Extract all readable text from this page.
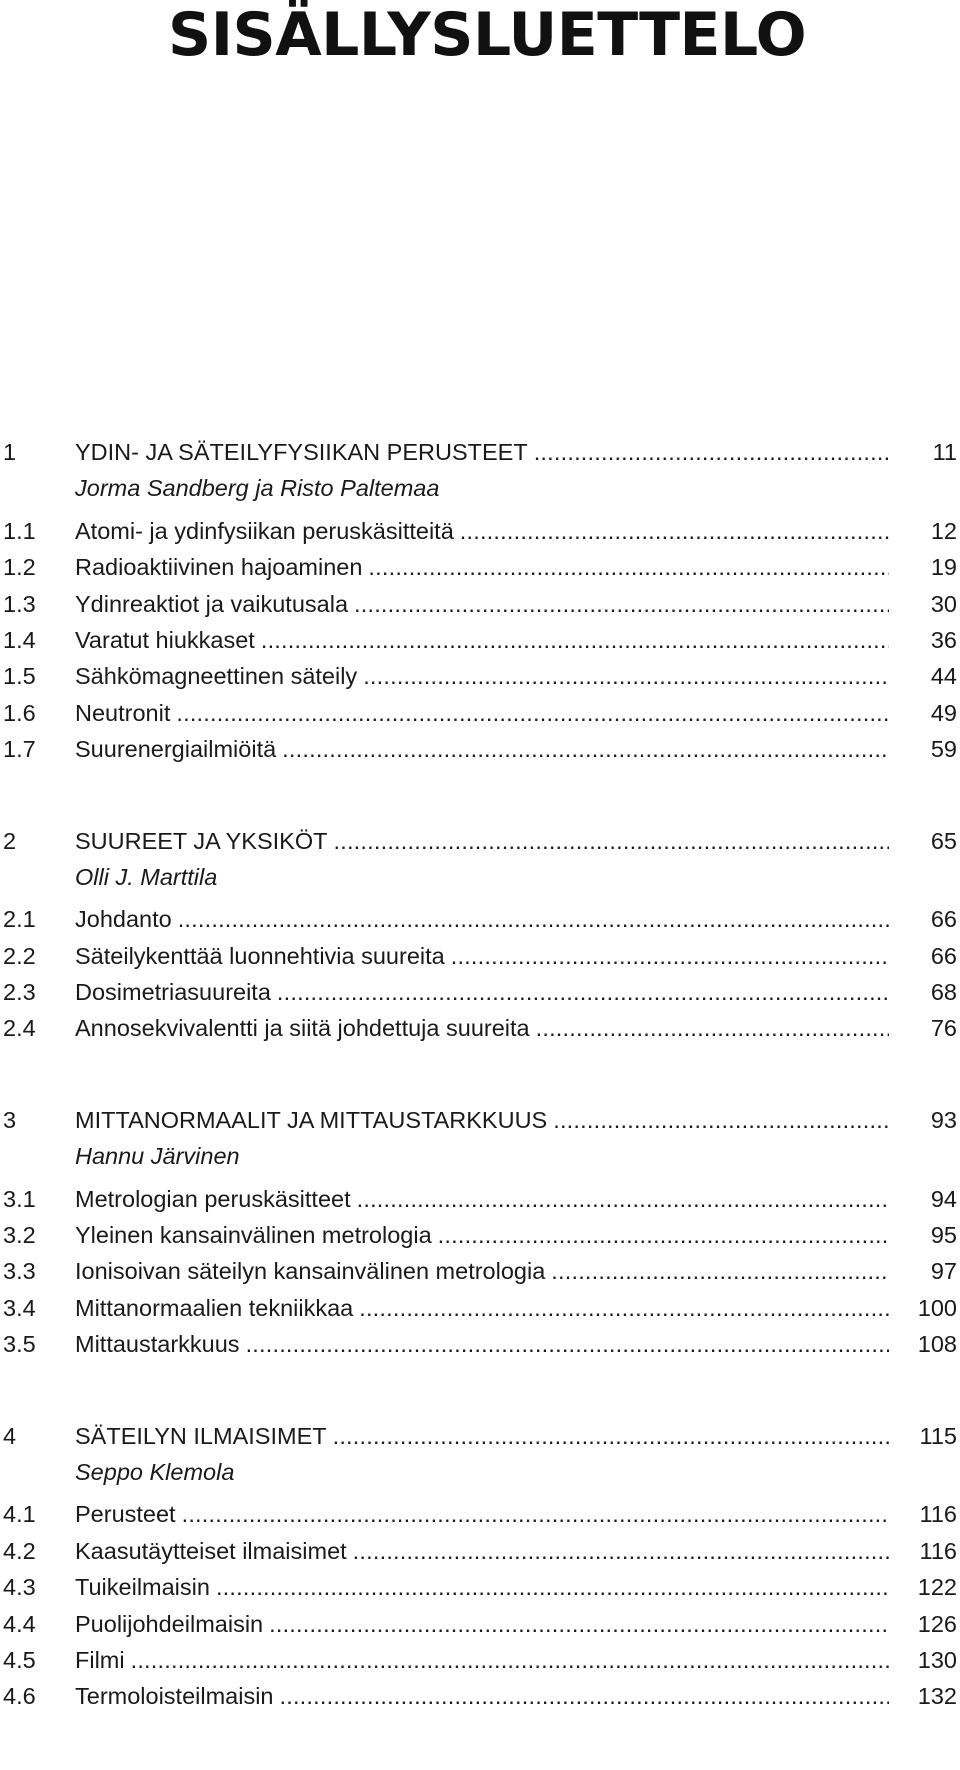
SISÄLLYSLUETTELO
1	YDIN- JA SÄTEILYFYSIIKAN PERUSTEET .....	11
Jorma Sandberg ja Risto Paltemaa
1.1	Atomi- ja ydinfysiikan peruskäsitteitä .....	12
1.2	Radioaktiivinen hajoaminen .....	19
1.3	Ydinreaktiot ja vaikutusala .....	30
1.4	Varatut hiukkaset .....	36
1.5	Sähkömagneettinen säteily .....	44
1.6	Neutronit .....	49
1.7	Suurenergiailmiöitä .....	59
2	SUUREET JA YKSIKÖT .....	65
Olli J. Marttila
2.1	Johdanto .....	66
2.2	Säteilykenttää luonnehtivia suureita .....	66
2.3	Dosimetriasuureita .....	68
2.4	Annosekvivalentti ja siitä johdettuja suureita .....	76
3	MITTANORMAALIT JA MITTAUSTARKKUUS .....	93
Hannu Järvinen
3.1	Metrologian peruskäsitteet .....	94
3.2	Yleinen kansainvälinen metrologia .....	95
3.3	Ionisoivan säteilyn kansainvälinen metrologia .....	97
3.4	Mittanormaalien tekniikkaa .....	100
3.5	Mittaustarkkuus .....	108
4	SÄTEILYN ILMAISIMET .....	115
Seppo Klemola
4.1	Perusteet .....	116
4.2	Kaasutäytteiset ilmaisimet .....	116
4.3	Tuikeilmaisin .....	122
4.4	Puolijohdeilmaisin .....	126
4.5	Filmi .....	130
4.6	Termoloisteilmaisin .....	132
